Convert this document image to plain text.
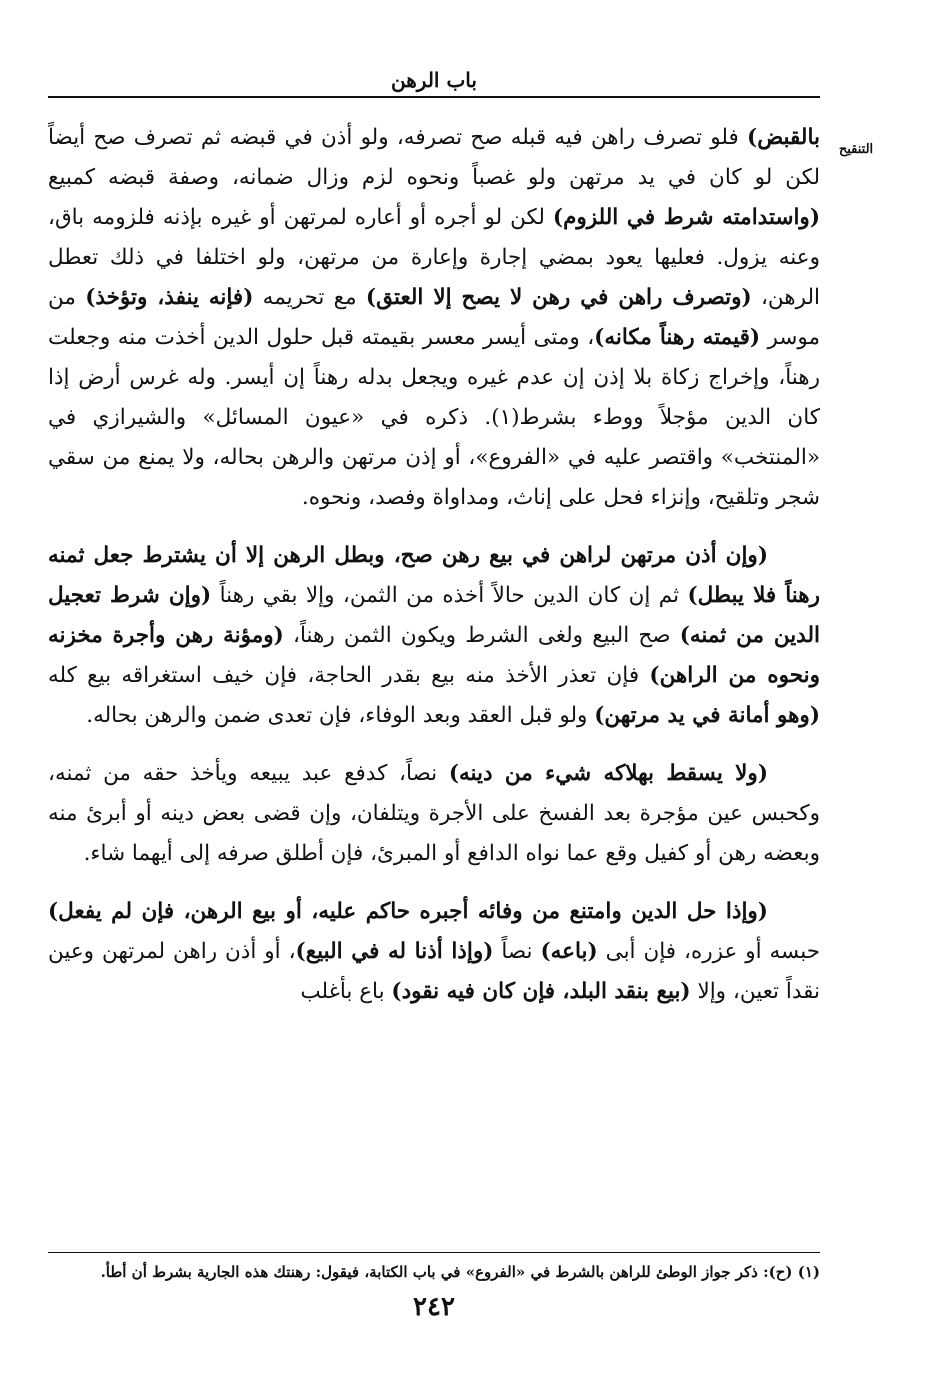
باب الرهن
التنقيح

بالقبض) فلو تصرف راهن فيه قبله صح تصرفه، ولو أذن في قبضه ثم تصرف صح أيضاً لكن لو كان في يد مرتهن ولو غصباً ونحوه لزم وزال ضمانه، وصفة قبضه كمبيع (واستدامته شرط في اللزوم) لكن لو أجره أو أعاره لمرتهن أو غيره بإذنه فلزومه باق، وعنه يزول. فعليها يعود بمضي إجارة وإعارة من مرتهن، ولو اختلفا في ذلك تعطل الرهن، (وتصرف راهن في رهن لا يصح إلا العتق) مع تحريمه (فإنه ينفذ، وتؤخذ) من موسر (قيمته رهناً مكانه)، ومتى أيسر معسر بقيمته قبل حلول الدين أخذت منه وجعلت رهناً، وإخراج زكاة بلا إذن إن عدم غيره ويجعل بدله رهناً إن أيسر. وله غرس أرض إذا كان الدين مؤجلاً ووطء بشرط(١). ذكره في «عيون المسائل» والشيرازي في «المنتخب» واقتصر عليه في «الفروع»، أو إذن مرتهن والرهن بحاله، ولا يمنع من سقي شجر وتلقيح، وإنزاء فحل على إناث، ومداواة وفصد، ونحوه.

(وإن أذن مرتهن لراهن في بيع رهن صح، وبطل الرهن إلا أن يشترط جعل ثمنه رهناً فلا يبطل) ثم إن كان الدين حالاً أخذه من الثمن، وإلا بقي رهناً (وإن شرط تعجيل الدين من ثمنه) صح البيع ولغى الشرط ويكون الثمن رهناً، (ومؤنة رهن وأجرة مخزنه ونحوه من الراهن) فإن تعذر الأخذ منه بيع بقدر الحاجة، فإن خيف استغراقه بيع كله (وهو أمانة في يد مرتهن) ولو قبل العقد وبعد الوفاء، فإن تعدى ضمن والرهن بحاله.

(ولا يسقط بهلاكه شيء من دينه) نصاً، كدفع عبد يبيعه ويأخذ حقه من ثمنه، وكحبس عين مؤجرة بعد الفسخ على الأجرة ويتلفان، وإن قضى بعض دينه أو أبرئ منه وبعضه رهن أو كفيل وقع عما نواه الدافع أو المبرئ، فإن أطلق صرفه إلى أيهما شاء.

(وإذا حل الدين وامتنع من وفائه أجبره حاكم عليه، أو بيع الرهن، فإن لم يفعل) حبسه أو عزره، فإن أبى (باعه) نصاً (وإذا أذنا له في البيع)، أو أذن راهن لمرتهن وعين نقداً تعين، وإلا (بيع بنقد البلد، فإن كان فيه نقود) باع بأغلب

(١) (ح): ذكر جواز الوطئ للراهن بالشرط في «الفروع» في باب الكتابة، فيقول: رهنتك هذه الجارية بشرط أن أطأ.
٢٤٢
